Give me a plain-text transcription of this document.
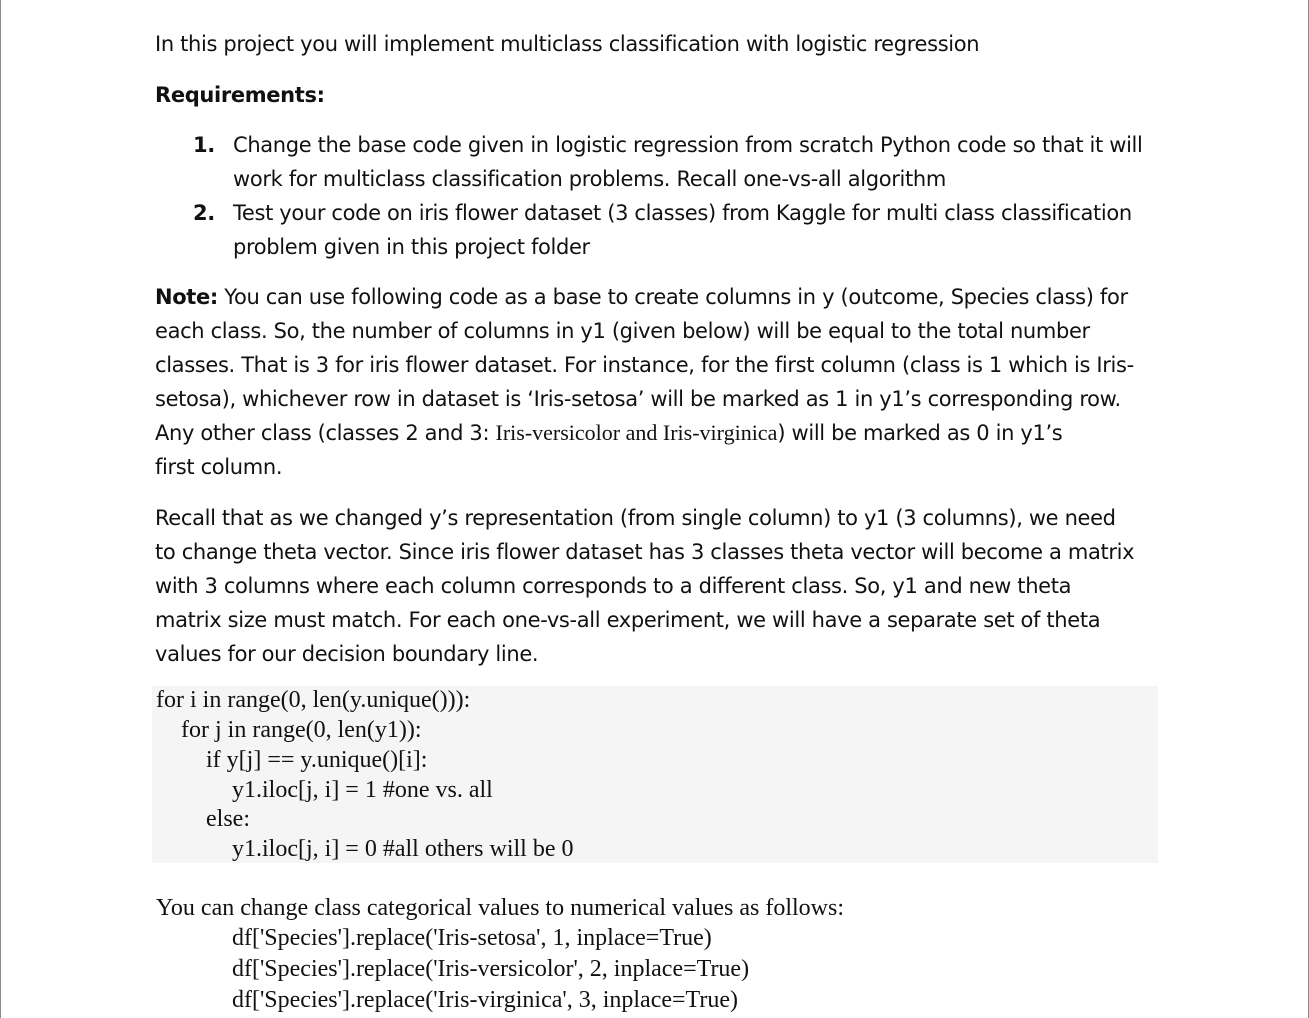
In this project you will implement multiclass classification with logistic regression

Requirements:

1. Change the base code given in logistic regression from scratch Python code so that it will
work for multiclass classification problems. Recall one-vs-all algorithm
2. Test your code on iris flower dataset (3 classes) from Kaggle for multi class classification
problem given in this project folder

Note: You can use following code as a base to create columns in y (outcome, Species class) for
each class. So, the number of columns in y1 (given below) will be equal to the total number
classes. That is 3 for iris flower dataset. For instance, for the first column (class is 1 which is Iris-
setosa), whichever row in dataset is ‘Iris-setosa’ will be marked as 1 in y1’s corresponding row.
Any other class (classes 2 and 3: Iris-versicolor and Iris-virginica) will be marked as 0 in y1’s
first column.

Recall that as we changed y’s representation (from single column) to y1 (3 columns), we need
to change theta vector. Since iris flower dataset has 3 classes theta vector will become a matrix
with 3 columns where each column corresponds to a different class. So, y1 and new theta
matrix size must match. For each one-vs-all experiment, we will have a separate set of theta
values for our decision boundary line.

for i in range(0, len(y.unique())):
for j in range(0, len(y1)):
if y[j] == y.unique()[i]:
y1.iloc[j, i] = 1 #one vs. all
else:
y1.iloc[j, i] = 0 #all others will be 0
You can change class categorical values to numerical values as follows:
df['Species'].replace('Iris-setosa', 1, inplace=True)
df['Species'].replace('Iris-versicolor', 2, inplace=True)
df['Species'].replace('Iris-virginica', 3, inplace=True)
